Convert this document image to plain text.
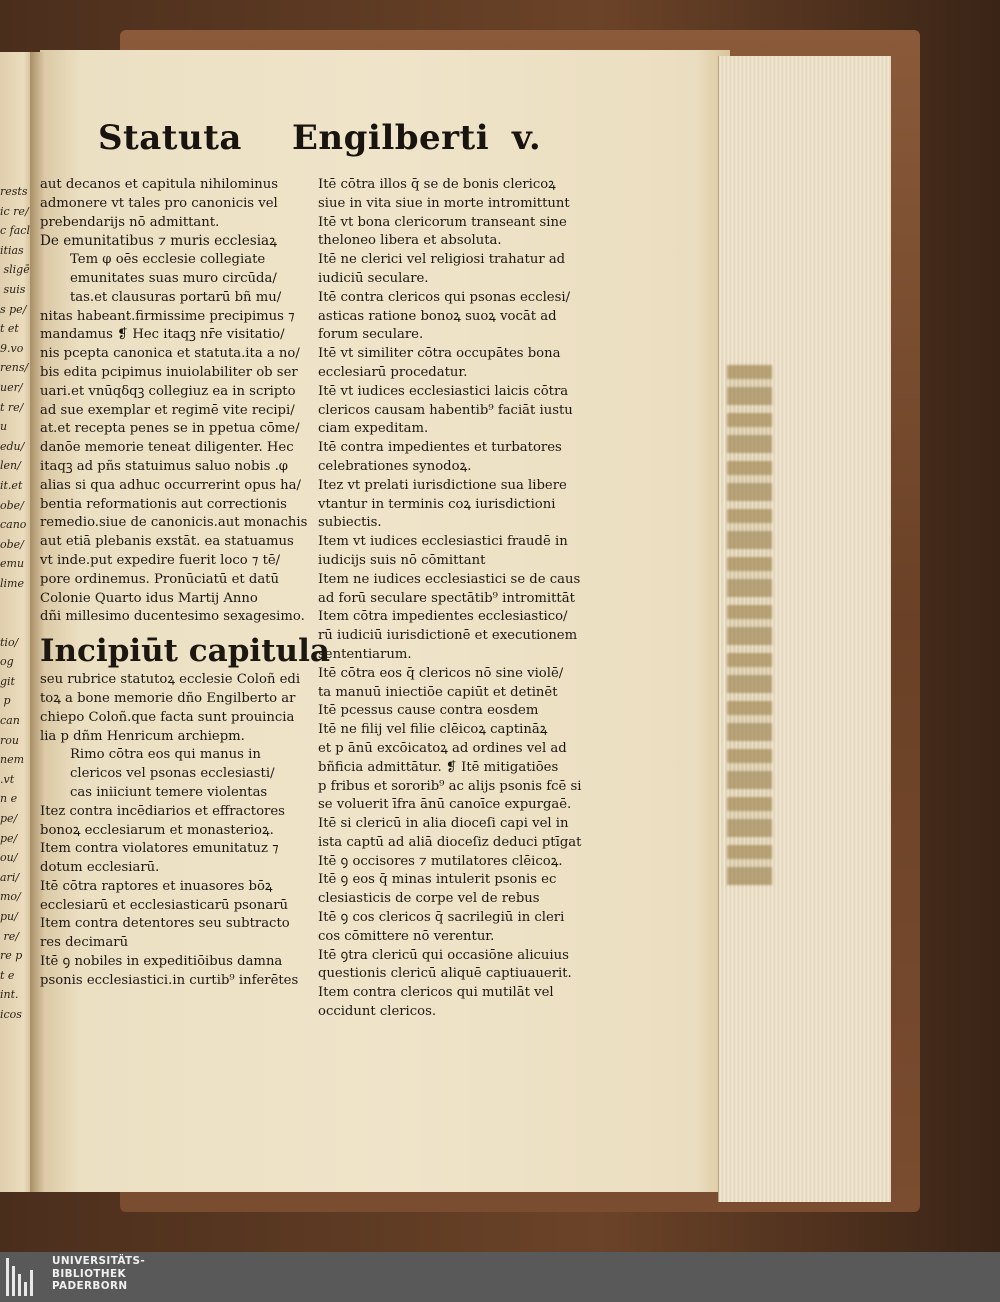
rests
ic re/
c facl
itias
sligē
suis
s pe/
t et
9.vo
rens/
uer/
t re/
u
edu/
len/
it.et
obe/
cano
obe/
emu
lime

tio/
og
git
p
can
rou
nem
.vt
n e
pe/
pe/
ou/
ari/
mo/
pu/
re/
re p
t e
int.
icos
Statuta Engilberti v.
aut decanos et capitula nihilominus
admonere vt tales pro canonicis vel
prebendarijs nō admittant.
De emunitatibus ⁊ muris ecclesiaꝝ
Tem φ oēs ecclesie collegiate
emunitates suas muro circūda/
tas.et clausuras portarū bñ mu/
nitas habeant.firmissime precipimus ⁊
mandamus ❡ Hec itaqꝫ nr̄e visitatio/
nis pcepta canonica et statuta.ita a no/
bis edita pcipimus inuiolabiliter ob ser
uari.et vnūqδqꝫ collegiuz ea in scripto
ad sue exemplar et regimē vite recipi/
at.et recepta penes se in ppetua cōme/
danōe memorie teneat diligenter. Hec
itaqꝫ ad pñs statuimus saluo nobis .φ
alias si qua adhuc occurrerint opus ha/
bentia reformationis aut correctionis
remedio.siue de canonicis.aut monachis
aut etiā plebanis exstāt. ea statuamus
vt inde.put expedire fuerit loco ⁊ tē/
pore ordinemus. Pronūciatū et datū
Colonie Quarto idus Martij Anno
dñi millesimo ducentesimo sexagesimo.
Incipiūt capitula
seu rubrice statutoꝝ ecclesie Coloñ edi
toꝝ a bone memorie dño Engilberto ar
chiepo Coloñ.que facta sunt prouincia
lia p dñm Henricum archiepm.
Rimo cōtra eos qui manus in
clericos vel psonas ecclesiasti/
cas iniiciunt temere violentas
Itez contra incēdiarios et effractores
bonoꝝ ecclesiarum et monasterioꝝ.
Item contra violatores emunitatuz ⁊
dotum ecclesiarū.
Itē cōtra raptores et inuasores bōꝝ
ecclesiarū et ecclesiasticarū psonarū
Item contra detentores seu subtracto
res decimarū
Itē ꝯ nobiles in expeditiōibus damna
psonis ecclesiastici.in curtib⁹ inferētes
Itē cōtra illos q̄ se de bonis clericoꝝ
siue in vita siue in morte intromittunt
Itē vt bona clericorum transeant sine
theloneo libera et absoluta.
Itē ne clerici vel religiosi trahatur ad
iudiciū seculare.
Itē contra clericos qui psonas ecclesi/
asticas ratione bonoꝝ suoꝝ vocāt ad
forum seculare.
Itē vt similiter cōtra occupātes bona
ecclesiarū procedatur.
Itē vt iudices ecclesiastici laicis cōtra
clericos causam habentib⁹ faciāt iustu
ciam expeditam.
Itē contra impedientes et turbatores
celebrationes synodoꝝ.
Itez vt prelati iurisdictione sua libere
vtantur in terminis coꝝ iurisdictioni
subiectis.
Item vt iudices ecclesiastici fraudē in
iudicijs suis nō cōmittant
Item ne iudices ecclesiastici se de caus
ad forū seculare spectātib⁹ intromittāt
Item cōtra impedientes ecclesiastico/
rū iudiciū iurisdictionē et executionem
sententiarum.
Itē cōtra eos q̄ clericos nō sine violē/
ta manuū iniectiōe capiūt et detinēt
Itē pcessus cause contra eosdem
Itē ne filij vel filie clēicoꝝ captināꝝ
et p ānū excōicatoꝝ ad ordines vel ad
bñficia admittātur. ❡ Itē mitigatiōes
p fribus et sororib⁹ ac alijs psonis fcē si
se voluerit īfra ānū canoīce expurgaē.
Itē si clericū in alia dioceſi capi vel in
ista captū ad aliā dioceſiz deduci ptīgat
Itē ꝯ occisores ⁊ mutilatores clēicoꝝ.
Itē ꝯ eos q̄ minas intulerit psonis ec
clesiasticis de corpe vel de rebus
Itē ꝯ cos clericos q̄ sacrilegiū in cleri
cos cōmittere nō verentur.
Itē ꝯtra clericū qui occasiōne alicuius
questionis clericū aliquē captiuauerit.
Item contra clericos qui mutilāt vel
occidunt clericos.
UNIVERSITÄTS-
BIBLIOTHEK
PADERBORN
